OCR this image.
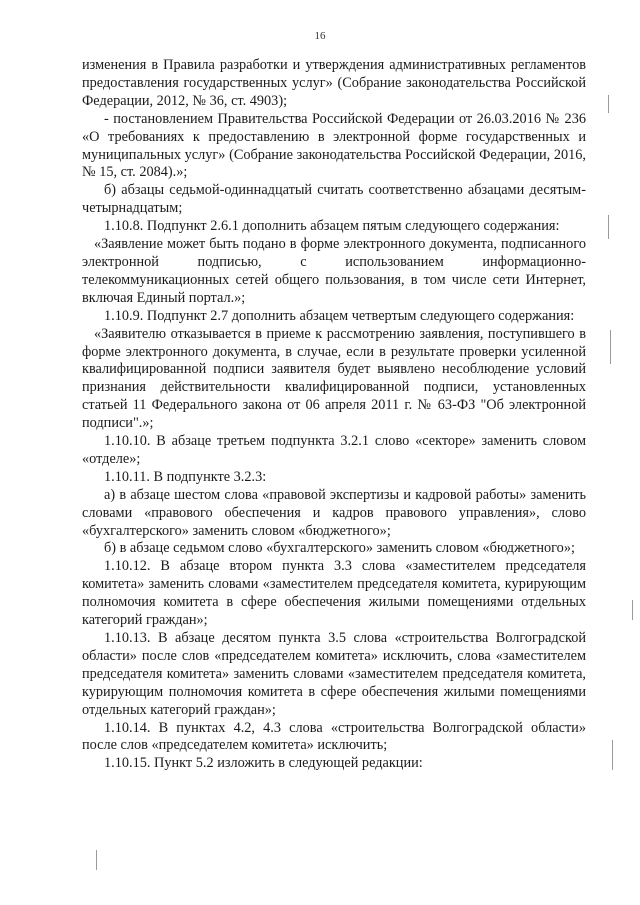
16

изменения в Правила разработки и утверждения административных регламентов предоставления государственных услуг» (Собрание законодательства Российской Федерации, 2012, № 36, ст. 4903);

- постановлением Правительства Российской Федерации от 26.03.2016 № 236 «О требованиях к предоставлению в электронной форме государственных и муниципальных услуг» (Собрание законодательства Российской Федерации, 2016, № 15, ст. 2084).»;

б) абзацы седьмой-одиннадцатый считать соответственно абзацами десятым-четырнадцатым;

1.10.8. Подпункт 2.6.1 дополнить абзацем пятым следующего содержания:

«Заявление может быть подано в форме электронного документа, подписанного электронной подписью, с использованием информационно-телекоммуникационных сетей общего пользования, в том числе сети Интернет, включая Единый портал.»;

1.10.9. Подпункт 2.7 дополнить абзацем четвертым следующего содержания:

«Заявителю отказывается в приеме к рассмотрению заявления, поступившего в форме электронного документа, в случае, если в результате проверки усиленной квалифицированной подписи заявителя будет выявлено несоблюдение условий признания действительности квалифицированной подписи, установленных статьей 11 Федерального закона от 06 апреля 2011 г. № 63-ФЗ "Об электронной подписи".»;

1.10.10. В абзаце третьем подпункта 3.2.1 слово «секторе» заменить словом «отделе»;

1.10.11. В подпункте 3.2.3:

а) в абзаце шестом слова «правовой экспертизы и кадровой работы» заменить словами «правового обеспечения и кадров правового управления», слово «бухгалтерского» заменить словом «бюджетного»;

б) в абзаце седьмом слово «бухгалтерского» заменить словом «бюджетного»;

1.10.12. В абзаце втором пункта 3.3 слова «заместителем председателя комитета» заменить словами «заместителем председателя комитета, курирующим полномочия комитета в сфере обеспечения жилыми помещениями отдельных категорий граждан»;

1.10.13. В абзаце десятом пункта 3.5 слова «строительства Волгоградской области» после слов «председателем комитета» исключить, слова «заместителем председателя комитета» заменить словами «заместителем председателя комитета, курирующим полномочия комитета в сфере обеспечения жилыми помещениями отдельных категорий граждан»;

1.10.14. В пунктах 4.2, 4.3 слова «строительства Волгоградской области» после слов «председателем комитета» исключить;

1.10.15. Пункт 5.2 изложить в следующей редакции:
